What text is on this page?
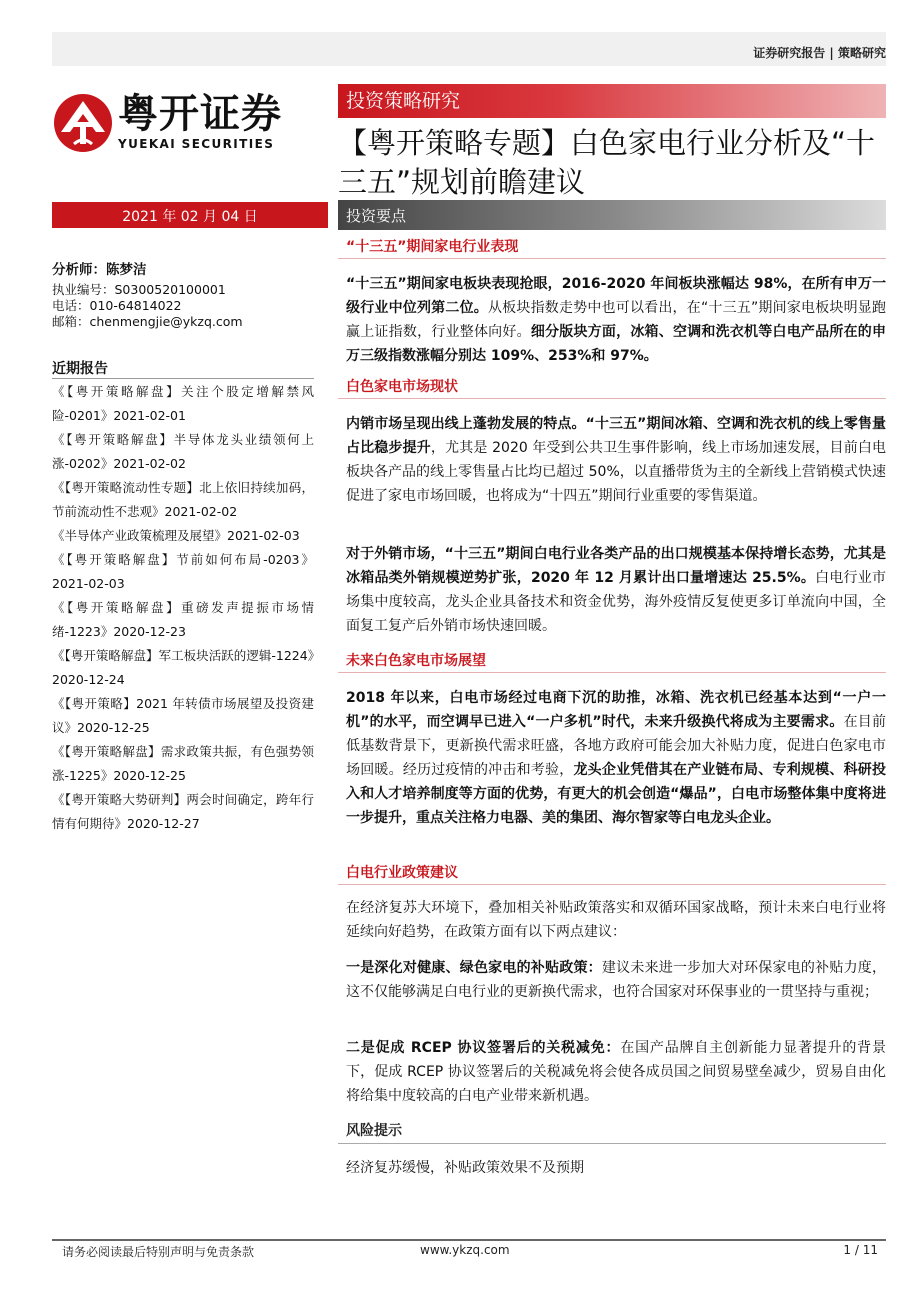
证券研究报告 | 策略研究
粤开证券
YUEKAI SECURITIES
投资策略研究
【粤开策略专题】白色家电行业分析及“十三五”规划前瞻建议
2021 年 02 月 04 日	投资要点
分析师：陈梦洁
执业编号：S0300520100001
电话：010-64814022
邮箱：chenmengjie@ykzq.com
近期报告

《【粤开策略解盘】关注个股定增解禁风险-0201》2021-02-01

《【粤开策略解盘】半导体龙头业绩领何上涨-0202》2021-02-02

《【粤开策略流动性专题】北上依旧持续加码，节前流动性不悲观》2021-02-02

《半导体产业政策梳理及展望》2021-02-03

《【粤开策略解盘】节前如何布局-0203》2021-02-03

《【粤开策略解盘】重磅发声提振市场情绪-1223》2020-12-23

《【粤开策略解盘】军工板块活跃的逻辑-1224》2020-12-24

《【粤开策略】2021 年转债市场展望及投资建议》2020-12-25

《【粤开策略解盘】需求政策共振，有色强势领涨-1225》2020-12-25

《【粤开策略大势研判】两会时间确定，跨年行情有何期待》2020-12-27

“十三五”期间家电行业表现
“十三五”期间家电板块表现抢眼，2016-2020 年间板块涨幅达 98%，在所有申万一级行业中位列第二位。从板块指数走势中也可以看出，在“十三五”期间家电板块明显跑赢上证指数，行业整体向好。细分版块方面，冰箱、空调和洗衣机等白电产品所在的申万三级指数涨幅分别达 109%、253%和 97%。
白色家电市场现状
内销市场呈现出线上蓬勃发展的特点。“十三五”期间冰箱、空调和洗衣机的线上零售量占比稳步提升，尤其是 2020 年受到公共卫生事件影响，线上市场加速发展，目前白电板块各产品的线上零售量占比均已超过 50%，以直播带货为主的全新线上营销模式快速促进了家电市场回暖，也将成为“十四五”期间行业重要的零售渠道。
对于外销市场，“十三五”期间白电行业各类产品的出口规模基本保持增长态势，尤其是冰箱品类外销规模逆势扩张，2020 年 12 月累计出口量增速达 25.5%。白电行业市场集中度较高，龙头企业具备技术和资金优势，海外疫情反复使更多订单流向中国，全面复工复产后外销市场快速回暖。
未来白色家电市场展望
2018 年以来，白电市场经过电商下沉的助推，冰箱、洗衣机已经基本达到“一户一机”的水平，而空调早已进入“一户多机”时代，未来升级换代将成为主要需求。在目前低基数背景下，更新换代需求旺盛，各地方政府可能会加大补贴力度，促进白色家电市场回暖。经历过疫情的冲击和考验，龙头企业凭借其在产业链布局、专利规模、科研投入和人才培养制度等方面的优势，有更大的机会创造“爆品”，白电市场整体集中度将进一步提升，重点关注格力电器、美的集团、海尔智家等白电龙头企业。
白电行业政策建议
在经济复苏大环境下，叠加相关补贴政策落实和双循环国家战略，预计未来白电行业将延续向好趋势，在政策方面有以下两点建议：
一是深化对健康、绿色家电的补贴政策：建议未来进一步加大对环保家电的补贴力度，这不仅能够满足白电行业的更新换代需求，也符合国家对环保事业的一贯坚持与重视；
二是促成 RCEP 协议签署后的关税减免：在国产品牌自主创新能力显著提升的背景下，促成 RCEP 协议签署后的关税减免将会使各成员国之间贸易壁垒减少，贸易自由化将给集中度较高的白电产业带来新机遇。
风险提示
经济复苏缓慢，补贴政策效果不及预期
请务必阅读最后特别声明与免责条款	www.ykzq.com	1 / 11
